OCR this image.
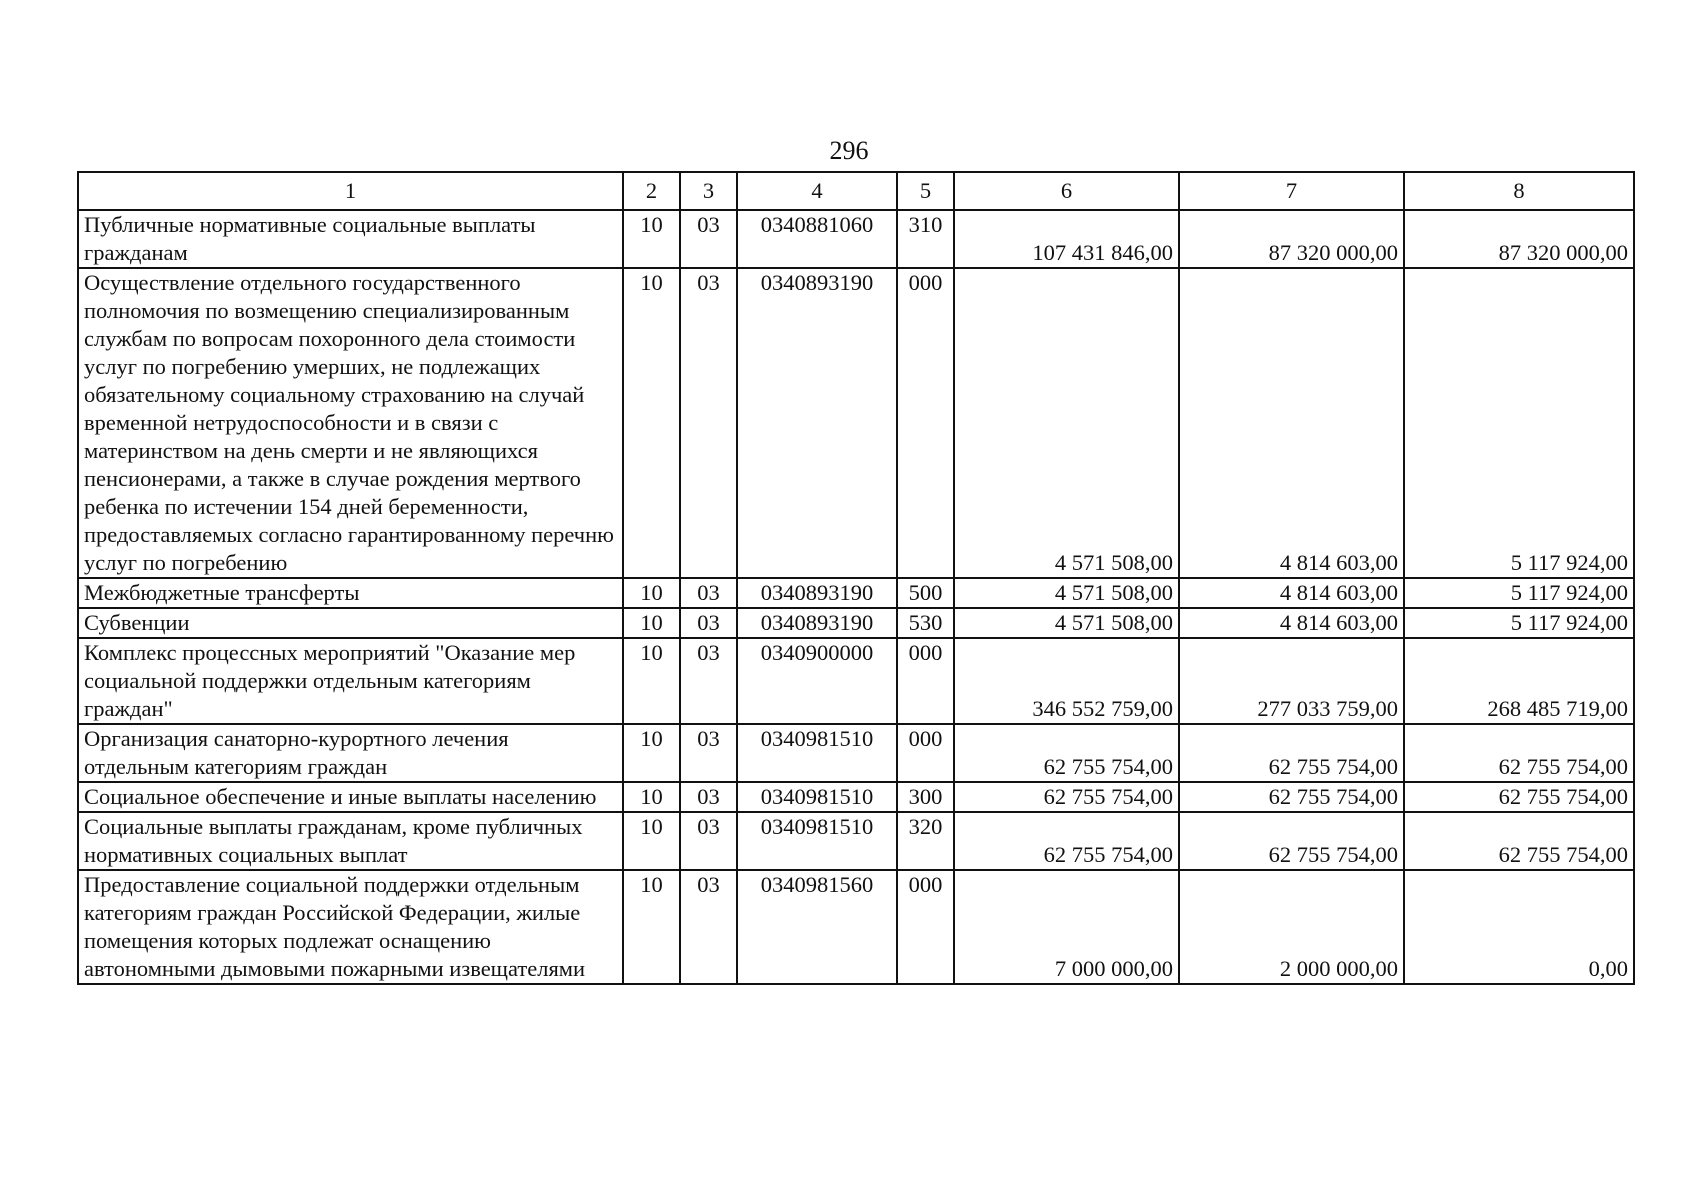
296
1	2	3	4	5	6	7	8
Публичные нормативные социальные выплаты гражданам	10	03	0340881060	310	107 431 846,00	87 320 000,00	87 320 000,00
Осуществление отдельного государственного полномочия по возмещению специализированным службам по вопросам похоронного дела стоимости услуг по погребению умерших, не подлежащих обязательному социальному страхованию на случай временной нетрудоспособности и в связи с материнством на день смерти и не являющихся пенсионерами, а также в случае рождения мертвого ребенка по истечении 154 дней беременности, предоставляемых согласно гарантированному перечню услуг по погребению	10	03	0340893190	000	4 571 508,00	4 814 603,00	5 117 924,00
Межбюджетные трансферты	10	03	0340893190	500	4 571 508,00	4 814 603,00	5 117 924,00
Субвенции	10	03	0340893190	530	4 571 508,00	4 814 603,00	5 117 924,00
Комплекс процессных мероприятий "Оказание мер социальной поддержки отдельным категориям граждан"	10	03	0340900000	000	346 552 759,00	277 033 759,00	268 485 719,00
Организация санаторно-курортного лечения отдельным категориям граждан	10	03	0340981510	000	62 755 754,00	62 755 754,00	62 755 754,00
Социальное обеспечение и иные выплаты населению	10	03	0340981510	300	62 755 754,00	62 755 754,00	62 755 754,00
Социальные выплаты гражданам, кроме публичных нормативных социальных выплат	10	03	0340981510	320	62 755 754,00	62 755 754,00	62 755 754,00
Предоставление социальной поддержки отдельным категориям граждан Российской Федерации, жилые помещения которых подлежат оснащению автономными дымовыми пожарными извещателями	10	03	0340981560	000	7 000 000,00	2 000 000,00	0,00
